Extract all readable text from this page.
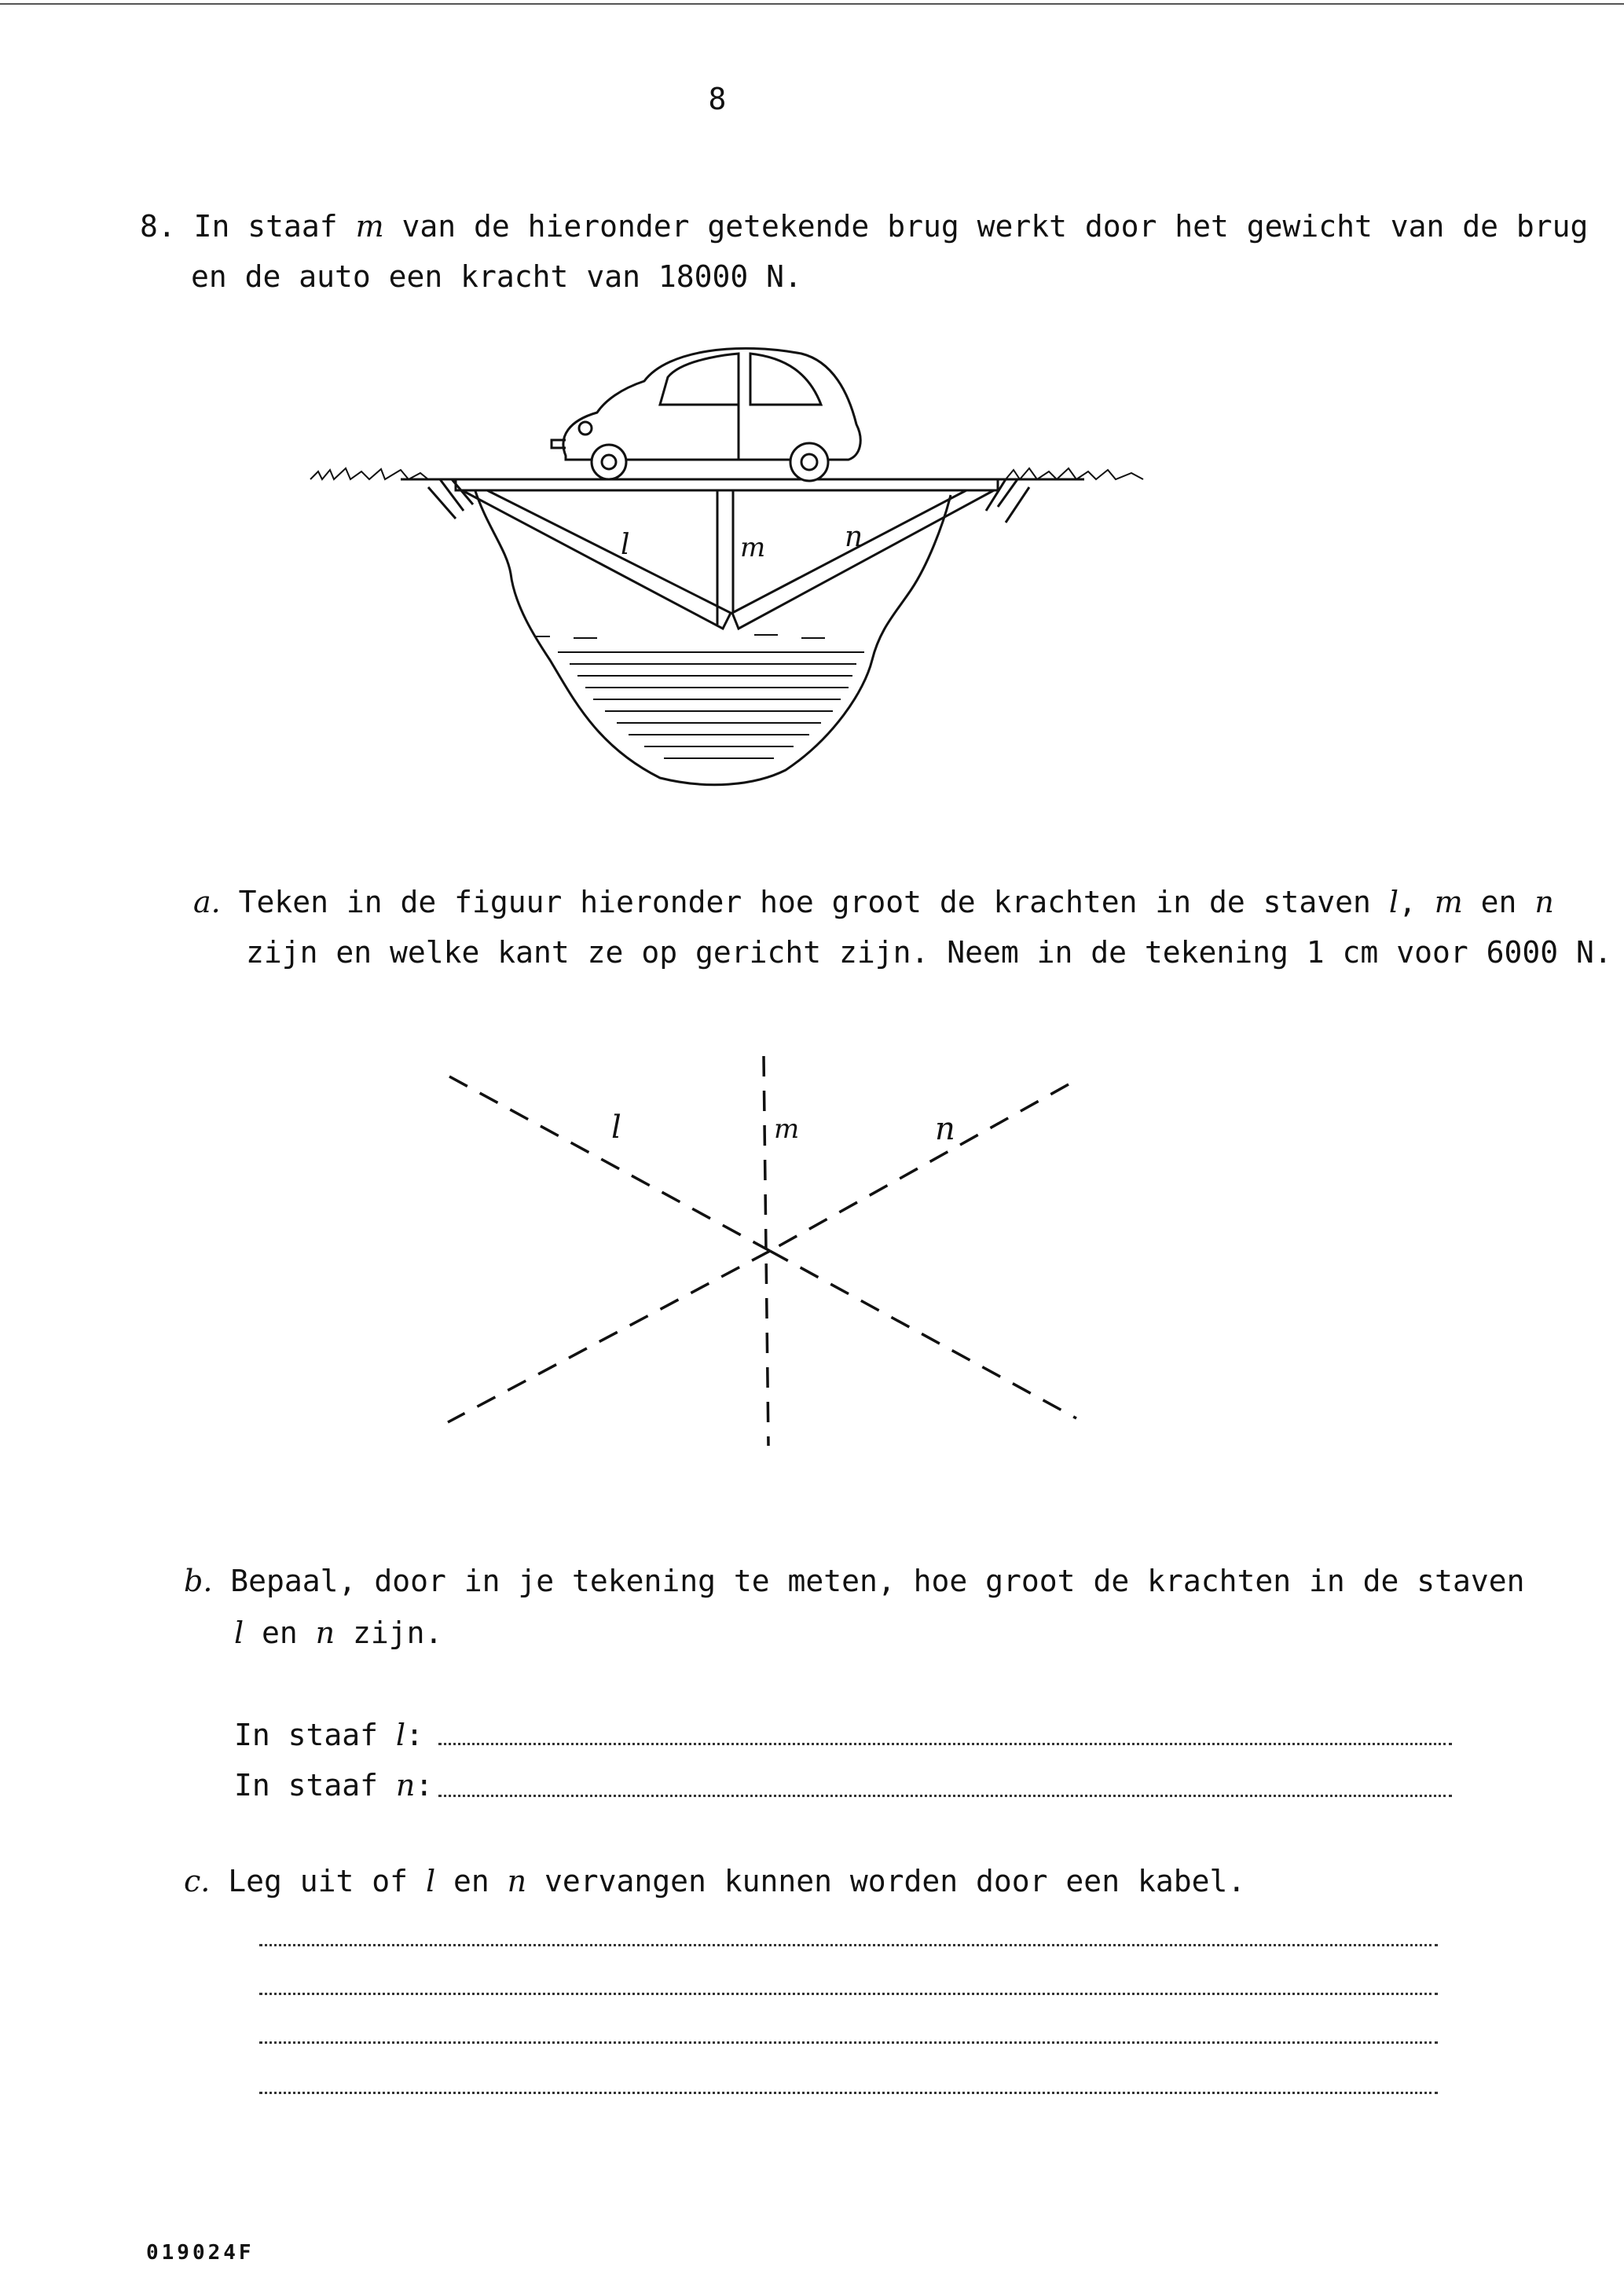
8
8. In staaf m van de hieronder getekende brug werkt door het gewicht van de brug
en de auto een kracht van 18000 N.
l	m	n
a. Teken in de figuur hieronder hoe groot de krachten in de staven l, m en n
zijn en welke kant ze op gericht zijn. Neem in de tekening 1 cm voor 6000 N.
l	m	n
b. Bepaal, door in je tekening te meten, hoe groot de krachten in de staven
l en n zijn.
In staaf l:
In staaf n:
c. Leg uit of l en n vervangen kunnen worden door een kabel.
019024F
